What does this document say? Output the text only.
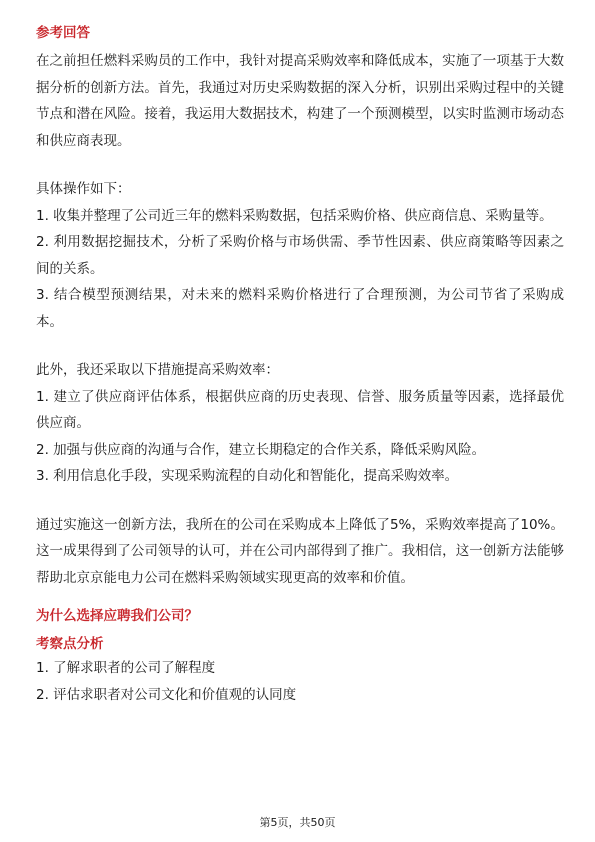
参考回答

在之前担任燃料采购员的工作中，我针对提高采购效率和降低成本，实施了一项基于大数据分析的创新方法。首先，我通过对历史采购数据的深入分析，识别出采购过程中的关键节点和潜在风险。接着，我运用大数据技术，构建了一个预测模型，以实时监测市场动态和供应商表现。

具体操作如下：

1. 收集并整理了公司近三年的燃料采购数据，包括采购价格、供应商信息、采购量等。

2. 利用数据挖掘技术，分析了采购价格与市场供需、季节性因素、供应商策略等因素之间的关系。

3. 结合模型预测结果，对未来的燃料采购价格进行了合理预测，为公司节省了采购成本。

此外，我还采取以下措施提高采购效率：

1. 建立了供应商评估体系，根据供应商的历史表现、信誉、服务质量等因素，选择最优供应商。

2. 加强与供应商的沟通与合作，建立长期稳定的合作关系，降低采购风险。

3. 利用信息化手段，实现采购流程的自动化和智能化，提高采购效率。

通过实施这一创新方法，我所在的公司在采购成本上降低了5%，采购效率提高了10%。这一成果得到了公司领导的认可，并在公司内部得到了推广。我相信，这一创新方法能够帮助北京京能电力公司在燃料采购领域实现更高的效率和价值。

为什么选择应聘我们公司？

考察点分析

1. 了解求职者的公司了解程度

2. 评估求职者对公司文化和价值观的认同度

第5页，共50页
